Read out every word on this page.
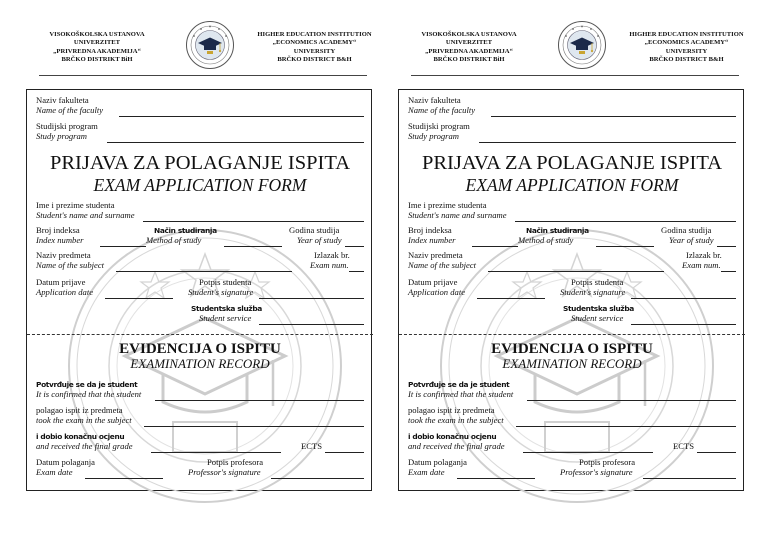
VISOKOŠKOLSKA USTANOVA
UNIVERZITET
„PRIVREDNA AKADEMIJA“
BRČKO DISTRIKT BiH
HIGHER EDUCATION INSTITUTION
„ECONOMICS ACADEMY“
UNIVERSITY
BRČKO DISTRICT B&H
Naziv fakulteta
Name of the faculty
Studijski program
Study program
PRIJAVA ZA POLAGANJE ISPITA
EXAM APPLICATION FORM
Ime i prezime studenta
Student's name and surname
Broj indeksa
Index number
Način studiranja
Method of study
Godina studija
Year of study
Naziv predmeta
Name of the subject
Izlazak br.
Exam num.
Datum prijave
Application date
Potpis studenta
Student's signature
Studentska služba
Student service
EVIDENCIJA O ISPITU
EXAMINATION RECORD
Potvrđuje se da je student
It is confirmed that the student
polagao ispit iz predmeta
took the exam in the subject
i dobio konačnu ocjenu
and received the final grade	ECTS
Datum polaganja
Exam date
Potpis profesora
Professor's signature
VISOKOŠKOLSKA USTANOVA
UNIVERZITET
„PRIVREDNA AKADEMIJA“
BRČKO DISTRIKT BiH
HIGHER EDUCATION INSTITUTION
„ECONOMICS ACADEMY“
UNIVERSITY
BRČKO DISTRICT B&H
Naziv fakulteta
Name of the faculty
Studijski program
Study program
PRIJAVA ZA POLAGANJE ISPITA
EXAM APPLICATION FORM
Ime i prezime studenta
Student's name and surname
Broj indeksa
Index number
Način studiranja
Method of study
Godina studija
Year of study
Naziv predmeta
Name of the subject
Izlazak br.
Exam num.
Datum prijave
Application date
Potpis studenta
Student's signature
Studentska služba
Student service
EVIDENCIJA O ISPITU
EXAMINATION RECORD
Potvrđuje se da je student
It is confirmed that the student
polagao ispit iz predmeta
took the exam in the subject
i dobio konačnu ocjenu
and received the final grade	ECTS
Datum polaganja
Exam date
Potpis profesora
Professor's signature
